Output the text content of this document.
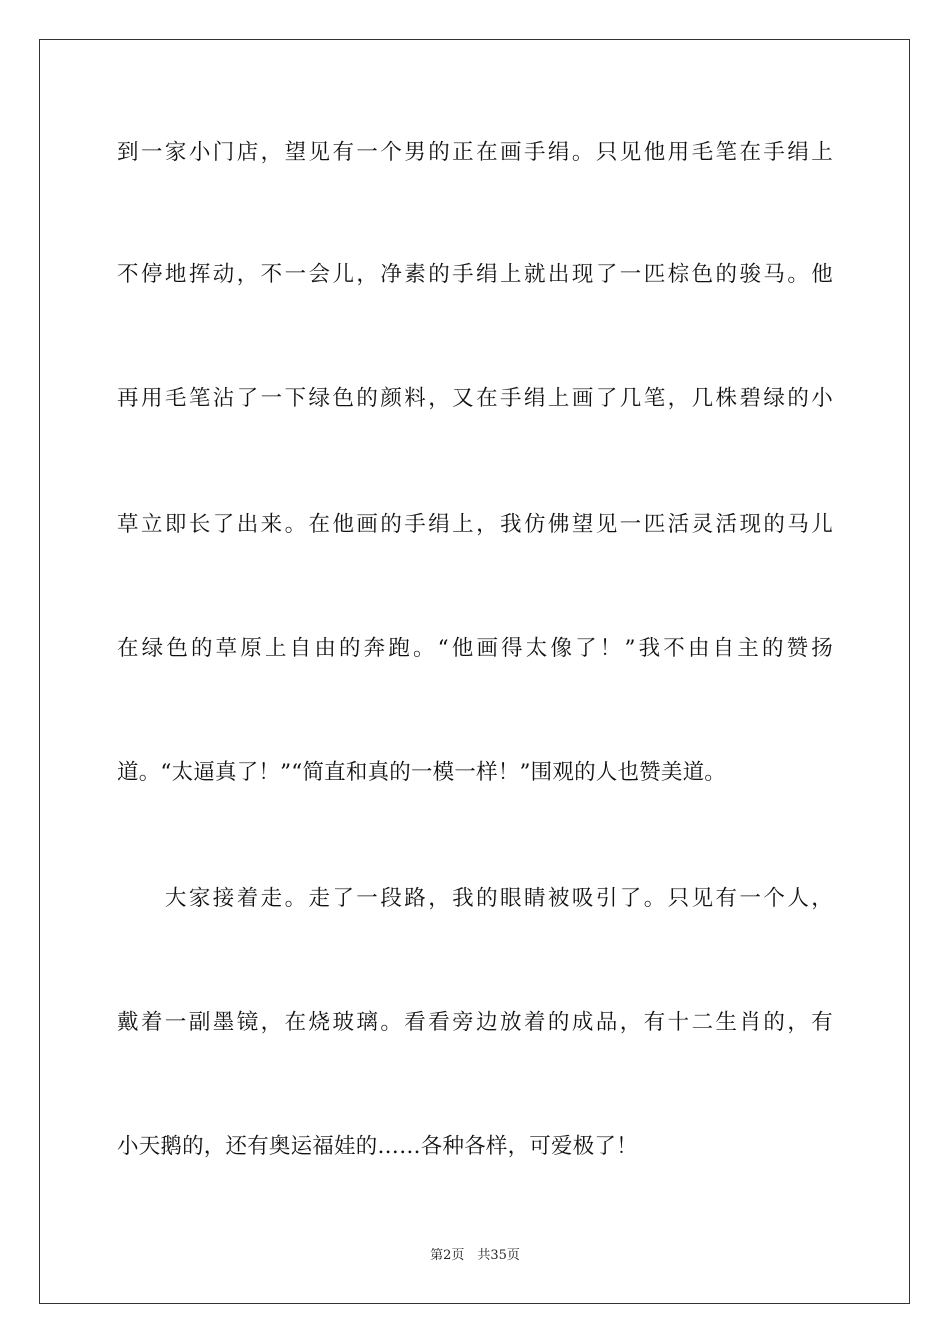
到一家小门店，望见有一个男的正在画手绢。只见他用毛笔在手绢上
不停地挥动，不一会儿，净素的手绢上就出现了一匹棕色的骏马。他
再用毛笔沾了一下绿色的颜料，又在手绢上画了几笔，几株碧绿的小
草立即长了出来。在他画的手绢上，我仿佛望见一匹活灵活现的马儿
在绿色的草原上自由的奔跑。“他画得太像了！”我不由自主的赞扬
道。“太逼真了！”“简直和真的一模一样！”围观的人也赞美道。
　　大家接着走。走了一段路，我的眼睛被吸引了。只见有一个人，
戴着一副墨镜，在烧玻璃。看看旁边放着的成品，有十二生肖的，有
小天鹅的，还有奥运福娃的……各种各样，可爱极了！
第2页　共35页
